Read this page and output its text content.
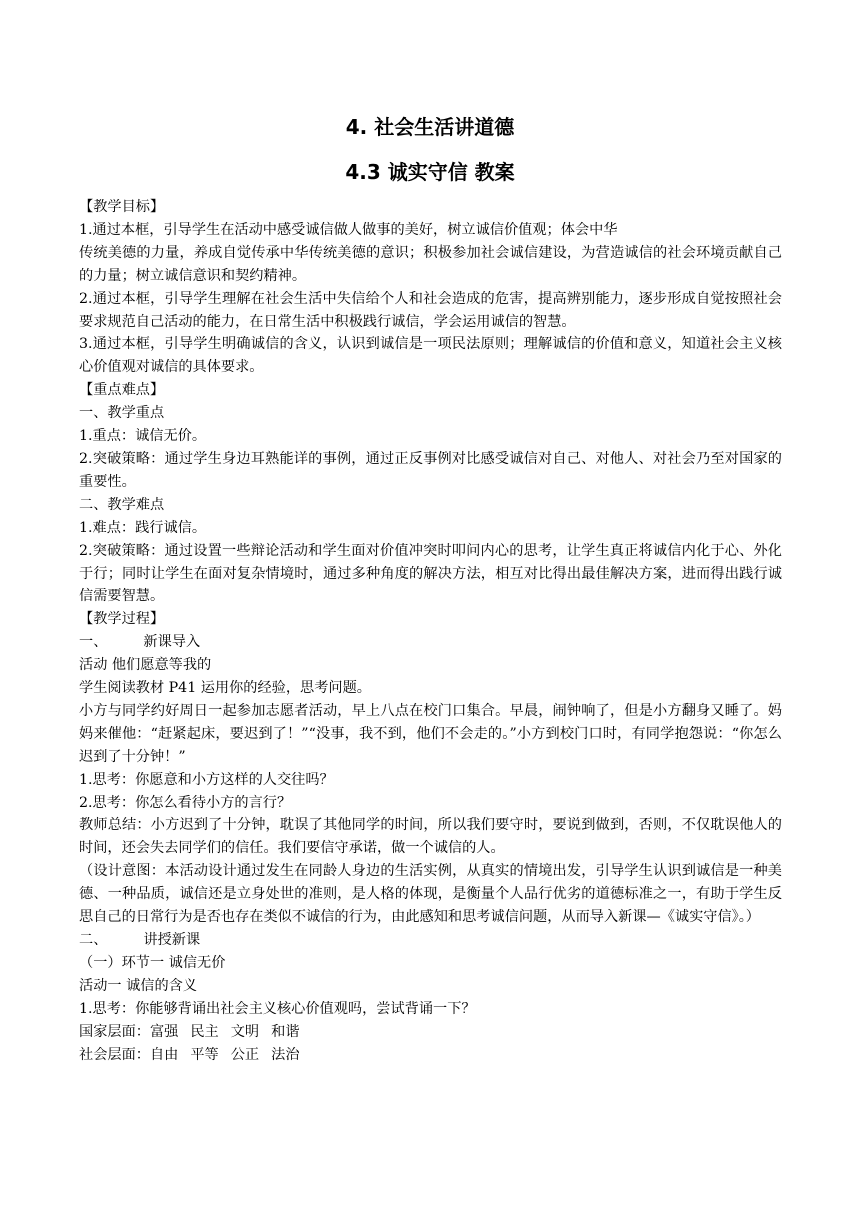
4. 社会生活讲道德
4.3 诚实守信 教案

【教学目标】

1.通过本框，引导学生在活动中感受诚信做人做事的美好，树立诚信价值观；体会中华

传统美德的力量，养成自觉传承中华传统美德的意识；积极参加社会诚信建设，为营造诚信的社会环境贡献自己的力量；树立诚信意识和契约精神。

2.通过本框，引导学生理解在社会生活中失信给个人和社会造成的危害，提高辨别能力，逐步形成自觉按照社会要求规范自己活动的能力，在日常生活中积极践行诚信，学会运用诚信的智慧。

3.通过本框，引导学生明确诚信的含义，认识到诚信是一项民法原则；理解诚信的价值和意义，知道社会主义核心价值观对诚信的具体要求。

【重点难点】

一、教学重点

1.重点：诚信无价。

2.突破策略：通过学生身边耳熟能详的事例，通过正反事例对比感受诚信对自己、对他人、对社会乃至对国家的重要性。

二、教学难点

1.难点：践行诚信。

2.突破策略：通过设置一些辩论活动和学生面对价值冲突时叩问内心的思考，让学生真正将诚信内化于心、外化于行；同时让学生在面对复杂情境时，通过多种角度的解决方法，相互对比得出最佳解决方案，进而得出践行诚信需要智慧。

【教学过程】

一、	新课导入

活动 他们愿意等我的

学生阅读教材 P41 运用你的经验，思考问题。

小方与同学约好周日一起参加志愿者活动，早上八点在校门口集合。早晨，闹钟响了，但是小方翻身又睡了。妈妈来催他：“赶紧起床，要迟到了！”“没事，我不到，他们不会走的。”小方到校门口时，有同学抱怨说：“你怎么迟到了十分钟！”

1.思考：你愿意和小方这样的人交往吗？

2.思考：你怎么看待小方的言行？

教师总结：小方迟到了十分钟，耽误了其他同学的时间，所以我们要守时，要说到做到，否则，不仅耽误他人的时间，还会失去同学们的信任。我们要信守承诺，做一个诚信的人。

（设计意图：本活动设计通过发生在同龄人身边的生活实例，从真实的情境出发，引导学生认识到诚信是一种美德、一种品质，诚信还是立身处世的准则，是人格的体现，是衡量个人品行优劣的道德标准之一，有助于学生反思自己的日常行为是否也存在类似不诚信的行为，由此感知和思考诚信问题，从而导入新课—《诚实守信》。）

二、	讲授新课

（一）环节一 诚信无价

活动一 诚信的含义

1.思考：你能够背诵出社会主义核心价值观吗，尝试背诵一下？

国家层面：富强 民主 文明 和谐

社会层面：自由 平等 公正 法治
